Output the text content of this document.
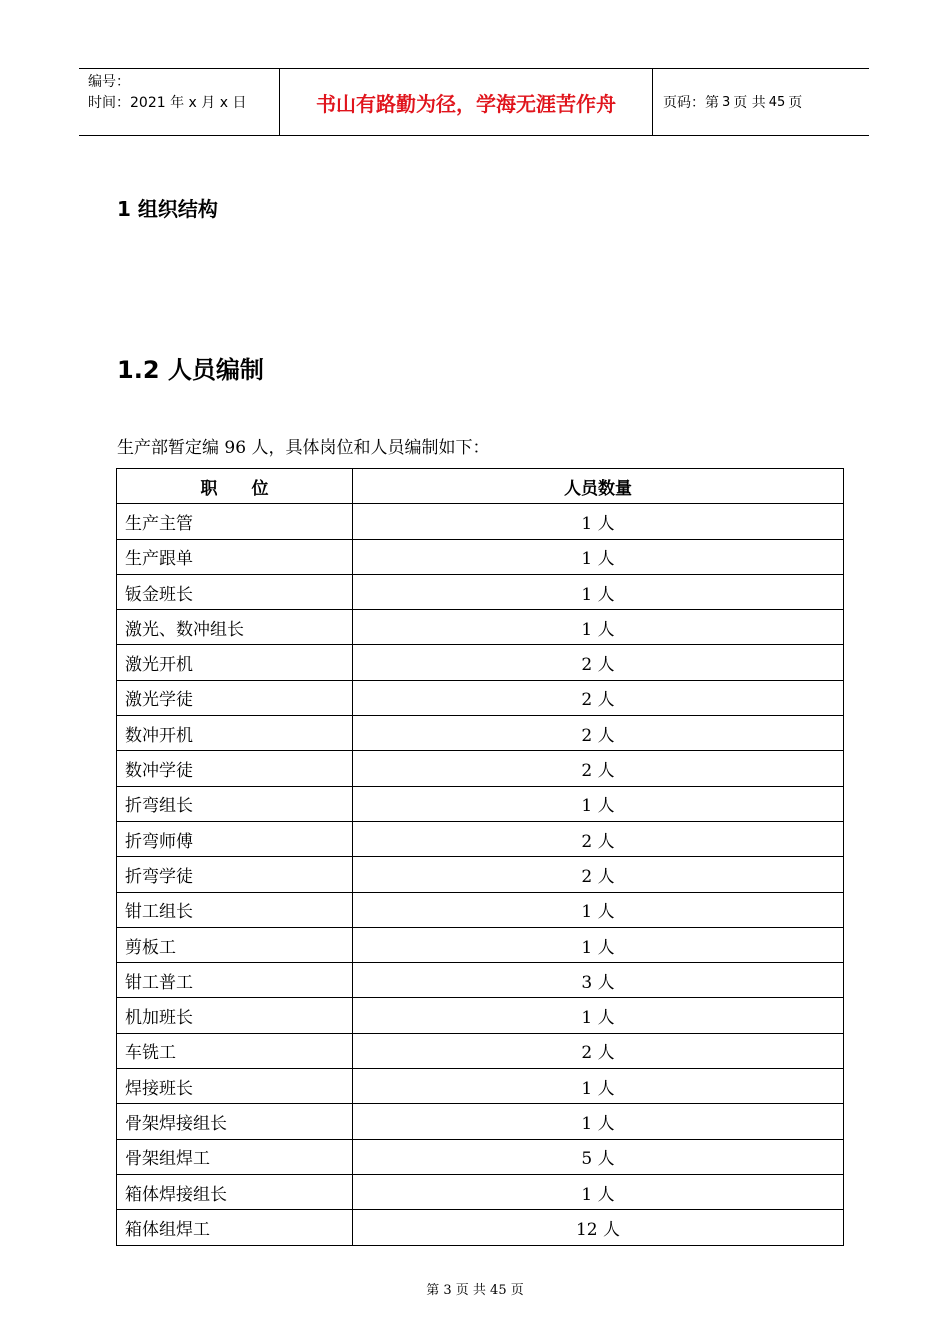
编号：
时间：2021 年 x 月 x 日	书山有路勤为径，学海无涯苦作舟	页码：第 3 页 共 45 页
1 组织结构
1.2 人员编制
生产部暂定编 96 人，具体岗位和人员编制如下：
职　　位	人员数量
生产主管	1 人
生产跟单	1 人
钣金班长	1 人
激光、数冲组长	1 人
激光开机	2 人
激光学徒	2 人
数冲开机	2 人
数冲学徒	2 人
折弯组长	1 人
折弯师傅	2 人
折弯学徒	2 人
钳工组长	1 人
剪板工	1 人
钳工普工	3 人
机加班长	1 人
车铣工	2 人
焊接班长	1 人
骨架焊接组长	1 人
骨架组焊工	5 人
箱体焊接组长	1 人
箱体组焊工	12 人
第 3 页 共 45 页
